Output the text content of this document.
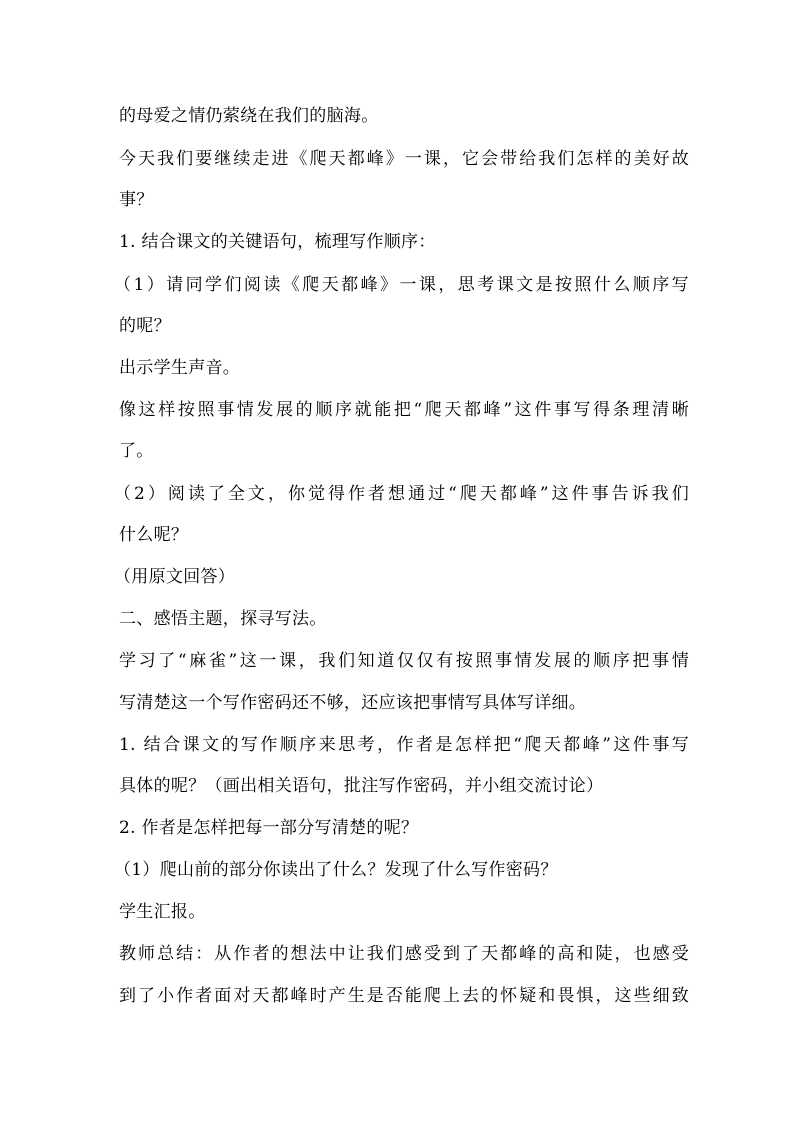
的母爱之情仍萦绕在我们的脑海。
今天我们要继续走进《爬天都峰》一课，它会带给我们怎样的美好故
事？
1. 结合课文的关键语句，梳理写作顺序：
（1）请同学们阅读《爬天都峰》一课，思考课文是按照什么顺序写
的呢？
出示学生声音。
像这样按照事情发展的顺序就能把“爬天都峰”这件事写得条理清晰
了。
（2）阅读了全文，你觉得作者想通过“爬天都峰”这件事告诉我们
什么呢？
（用原文回答）
二、感悟主题，探寻写法。
学习了“麻雀”这一课，我们知道仅仅有按照事情发展的顺序把事情
写清楚这一个写作密码还不够，还应该把事情写具体写详细。
1. 结合课文的写作顺序来思考，作者是怎样把“爬天都峰”这件事写
具体的呢？（画出相关语句，批注写作密码，并小组交流讨论）
2. 作者是怎样把每一部分写清楚的呢？
（1）爬山前的部分你读出了什么？发现了什么写作密码？
学生汇报。
教师总结：从作者的想法中让我们感受到了天都峰的高和陡，也感受
到了小作者面对天都峰时产生是否能爬上去的怀疑和畏惧，这些细致
